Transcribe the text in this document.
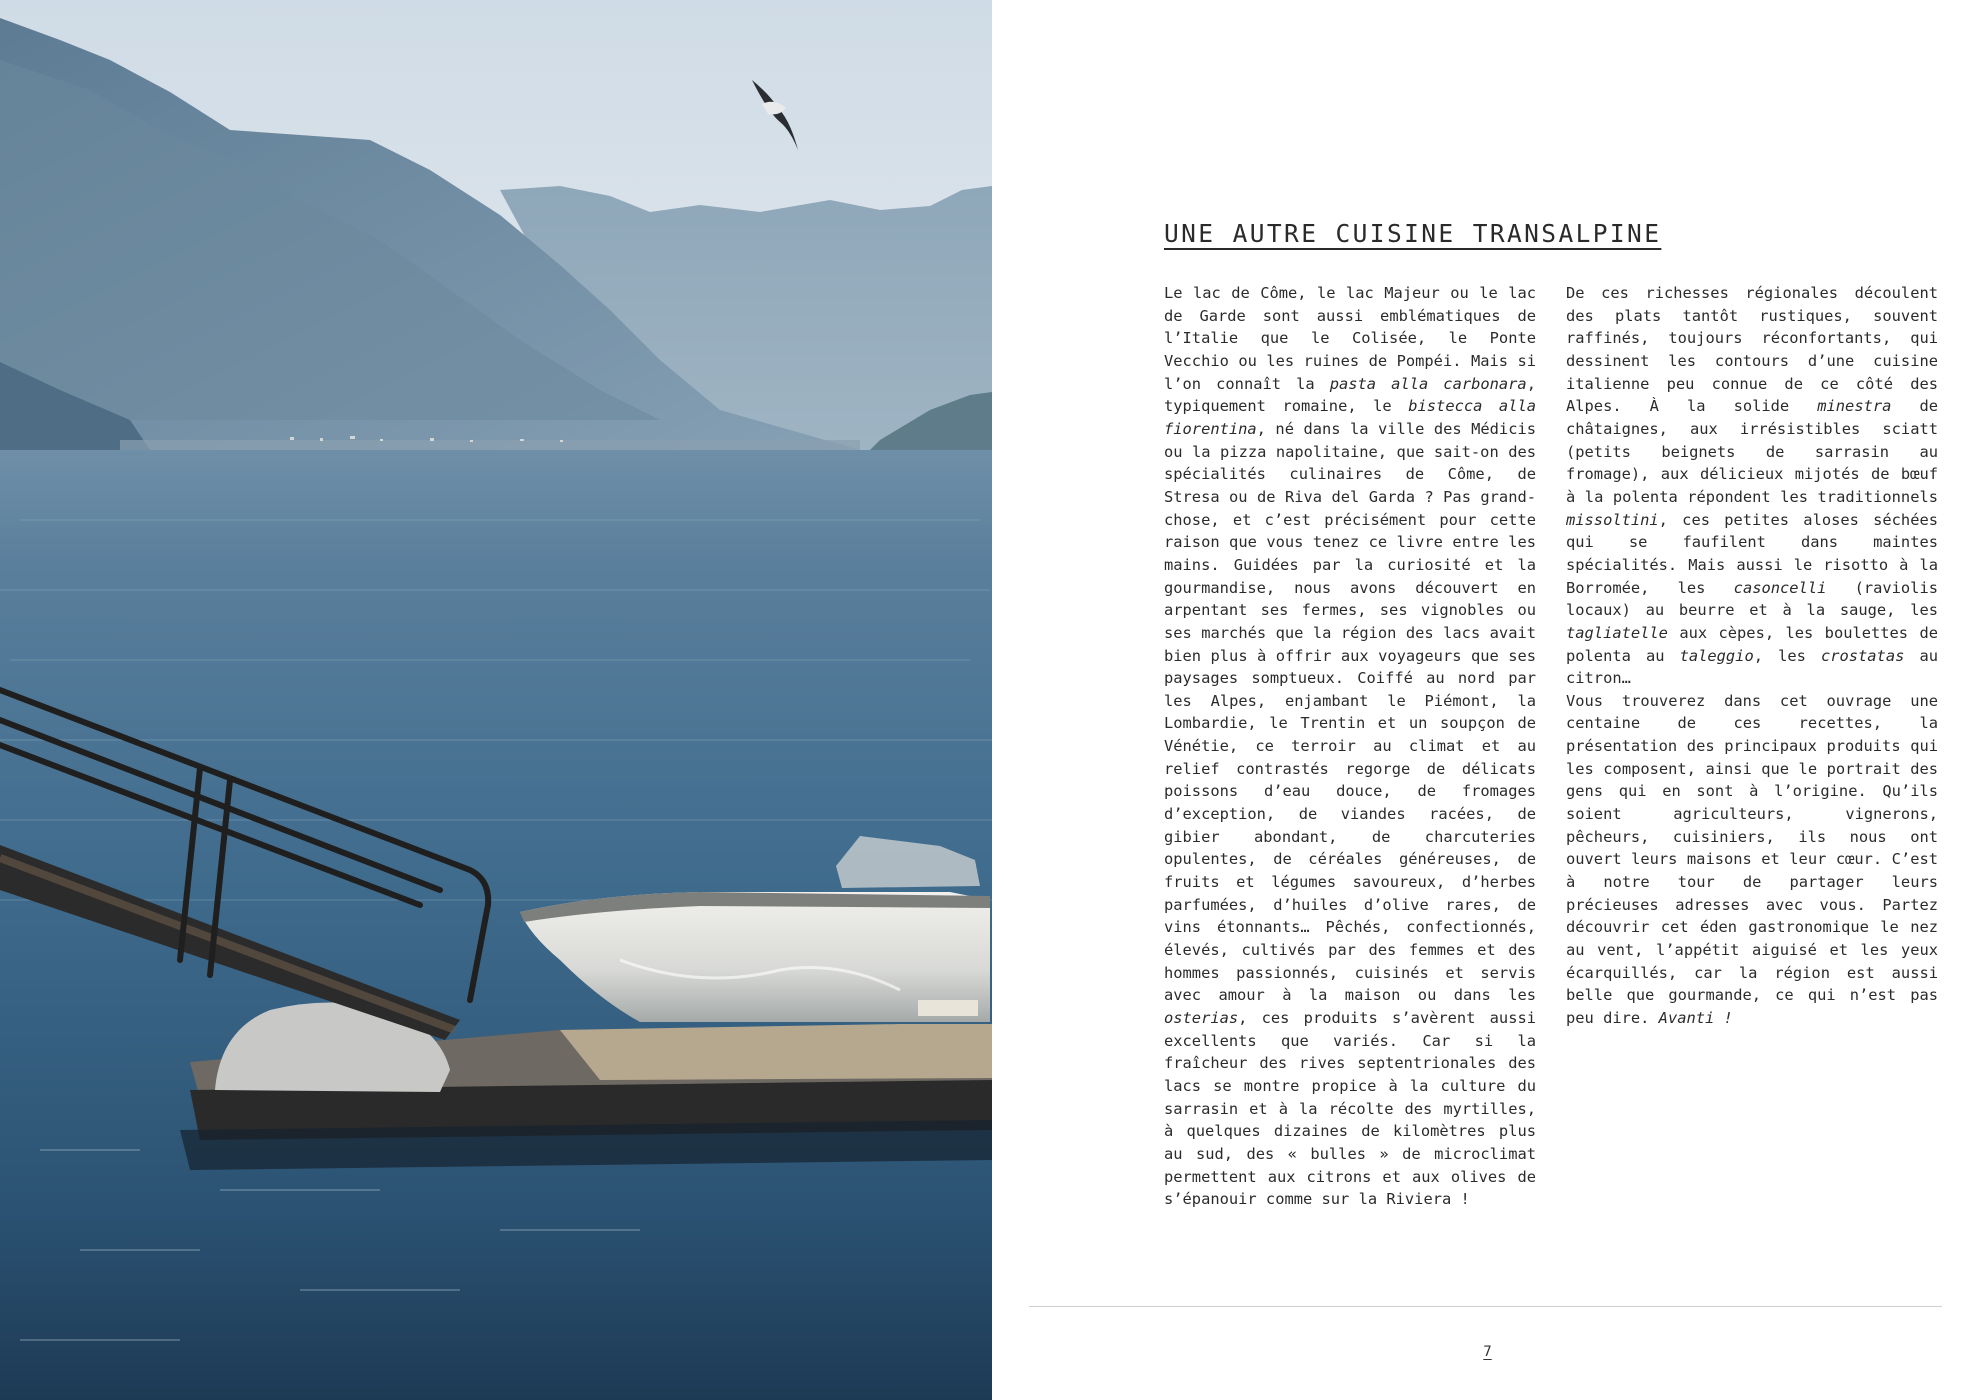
UNE AUTRE CUISINE TRANSALPINE

Le lac de Côme, le lac Majeur ou le lac de Garde sont aussi emblématiques de l’Italie que le Colisée, le Ponte Vecchio ou les ruines de Pompéi. Mais si l’on connaît la pasta alla carbonara, typiquement romaine, le bistecca alla fiorentina, né dans la ville des Médicis ou la pizza napolitaine, que sait-on des spécialités culinaires de Côme, de Stresa ou de Riva del Garda ? Pas grand-chose, et c’est précisément pour cette raison que vous tenez ce livre entre les mains. Guidées par la curiosité et la gourmandise, nous avons découvert en arpentant ses fermes, ses vignobles ou ses marchés que la région des lacs avait bien plus à offrir aux voyageurs que ses paysages somptueux. Coiffé au nord par les Alpes, enjambant le Piémont, la Lombardie, le Trentin et un soupçon de Vénétie, ce terroir au climat et au relief contrastés regorge de délicats poissons d’eau douce, de fromages d’exception, de viandes racées, de gibier abondant, de charcuteries opulentes, de céréales généreuses, de fruits et légumes savoureux, d’herbes parfumées, d’huiles d’olive rares, de vins étonnants… Pêchés, confectionnés, élevés, cultivés par des femmes et des hommes passionnés, cuisinés et servis avec amour à la maison ou dans les osterias, ces produits s’avèrent aussi excellents que variés. Car si la fraîcheur des rives septentrionales des lacs se montre propice à la culture du sarrasin et à la récolte des myrtilles, à quelques dizaines de kilomètres plus au sud, des « bulles » de microclimat permettent aux citrons et aux olives de s’épanouir comme sur la Riviera !

De ces richesses régionales découlent des plats tantôt rustiques, souvent raffinés, toujours réconfortants, qui dessinent les contours d’une cuisine italienne peu connue de ce côté des Alpes. À la solide minestra de châtaignes, aux irrésistibles sciatt (petits beignets de sarrasin au fromage), aux délicieux mijotés de bœuf à la polenta répondent les traditionnels missoltini, ces petites aloses séchées qui se faufilent dans maintes spécialités. Mais aussi le risotto à la Borromée, les casoncelli (raviolis locaux) au beurre et à la sauge, les tagliatelle aux cèpes, les boulettes de polenta au taleggio, les crostatas au citron…

Vous trouverez dans cet ouvrage une centaine de ces recettes, la présentation des principaux produits qui les composent, ainsi que le portrait des gens qui en sont à l’origine. Qu’ils soient agriculteurs, vignerons, pêcheurs, cuisiniers, ils nous ont ouvert leurs maisons et leur cœur. C’est à notre tour de partager leurs précieuses adresses avec vous. Partez découvrir cet éden gastronomique le nez au vent, l’appétit aiguisé et les yeux écarquillés, car la région est aussi belle que gourmande, ce qui n’est pas peu dire. Avanti !

7
